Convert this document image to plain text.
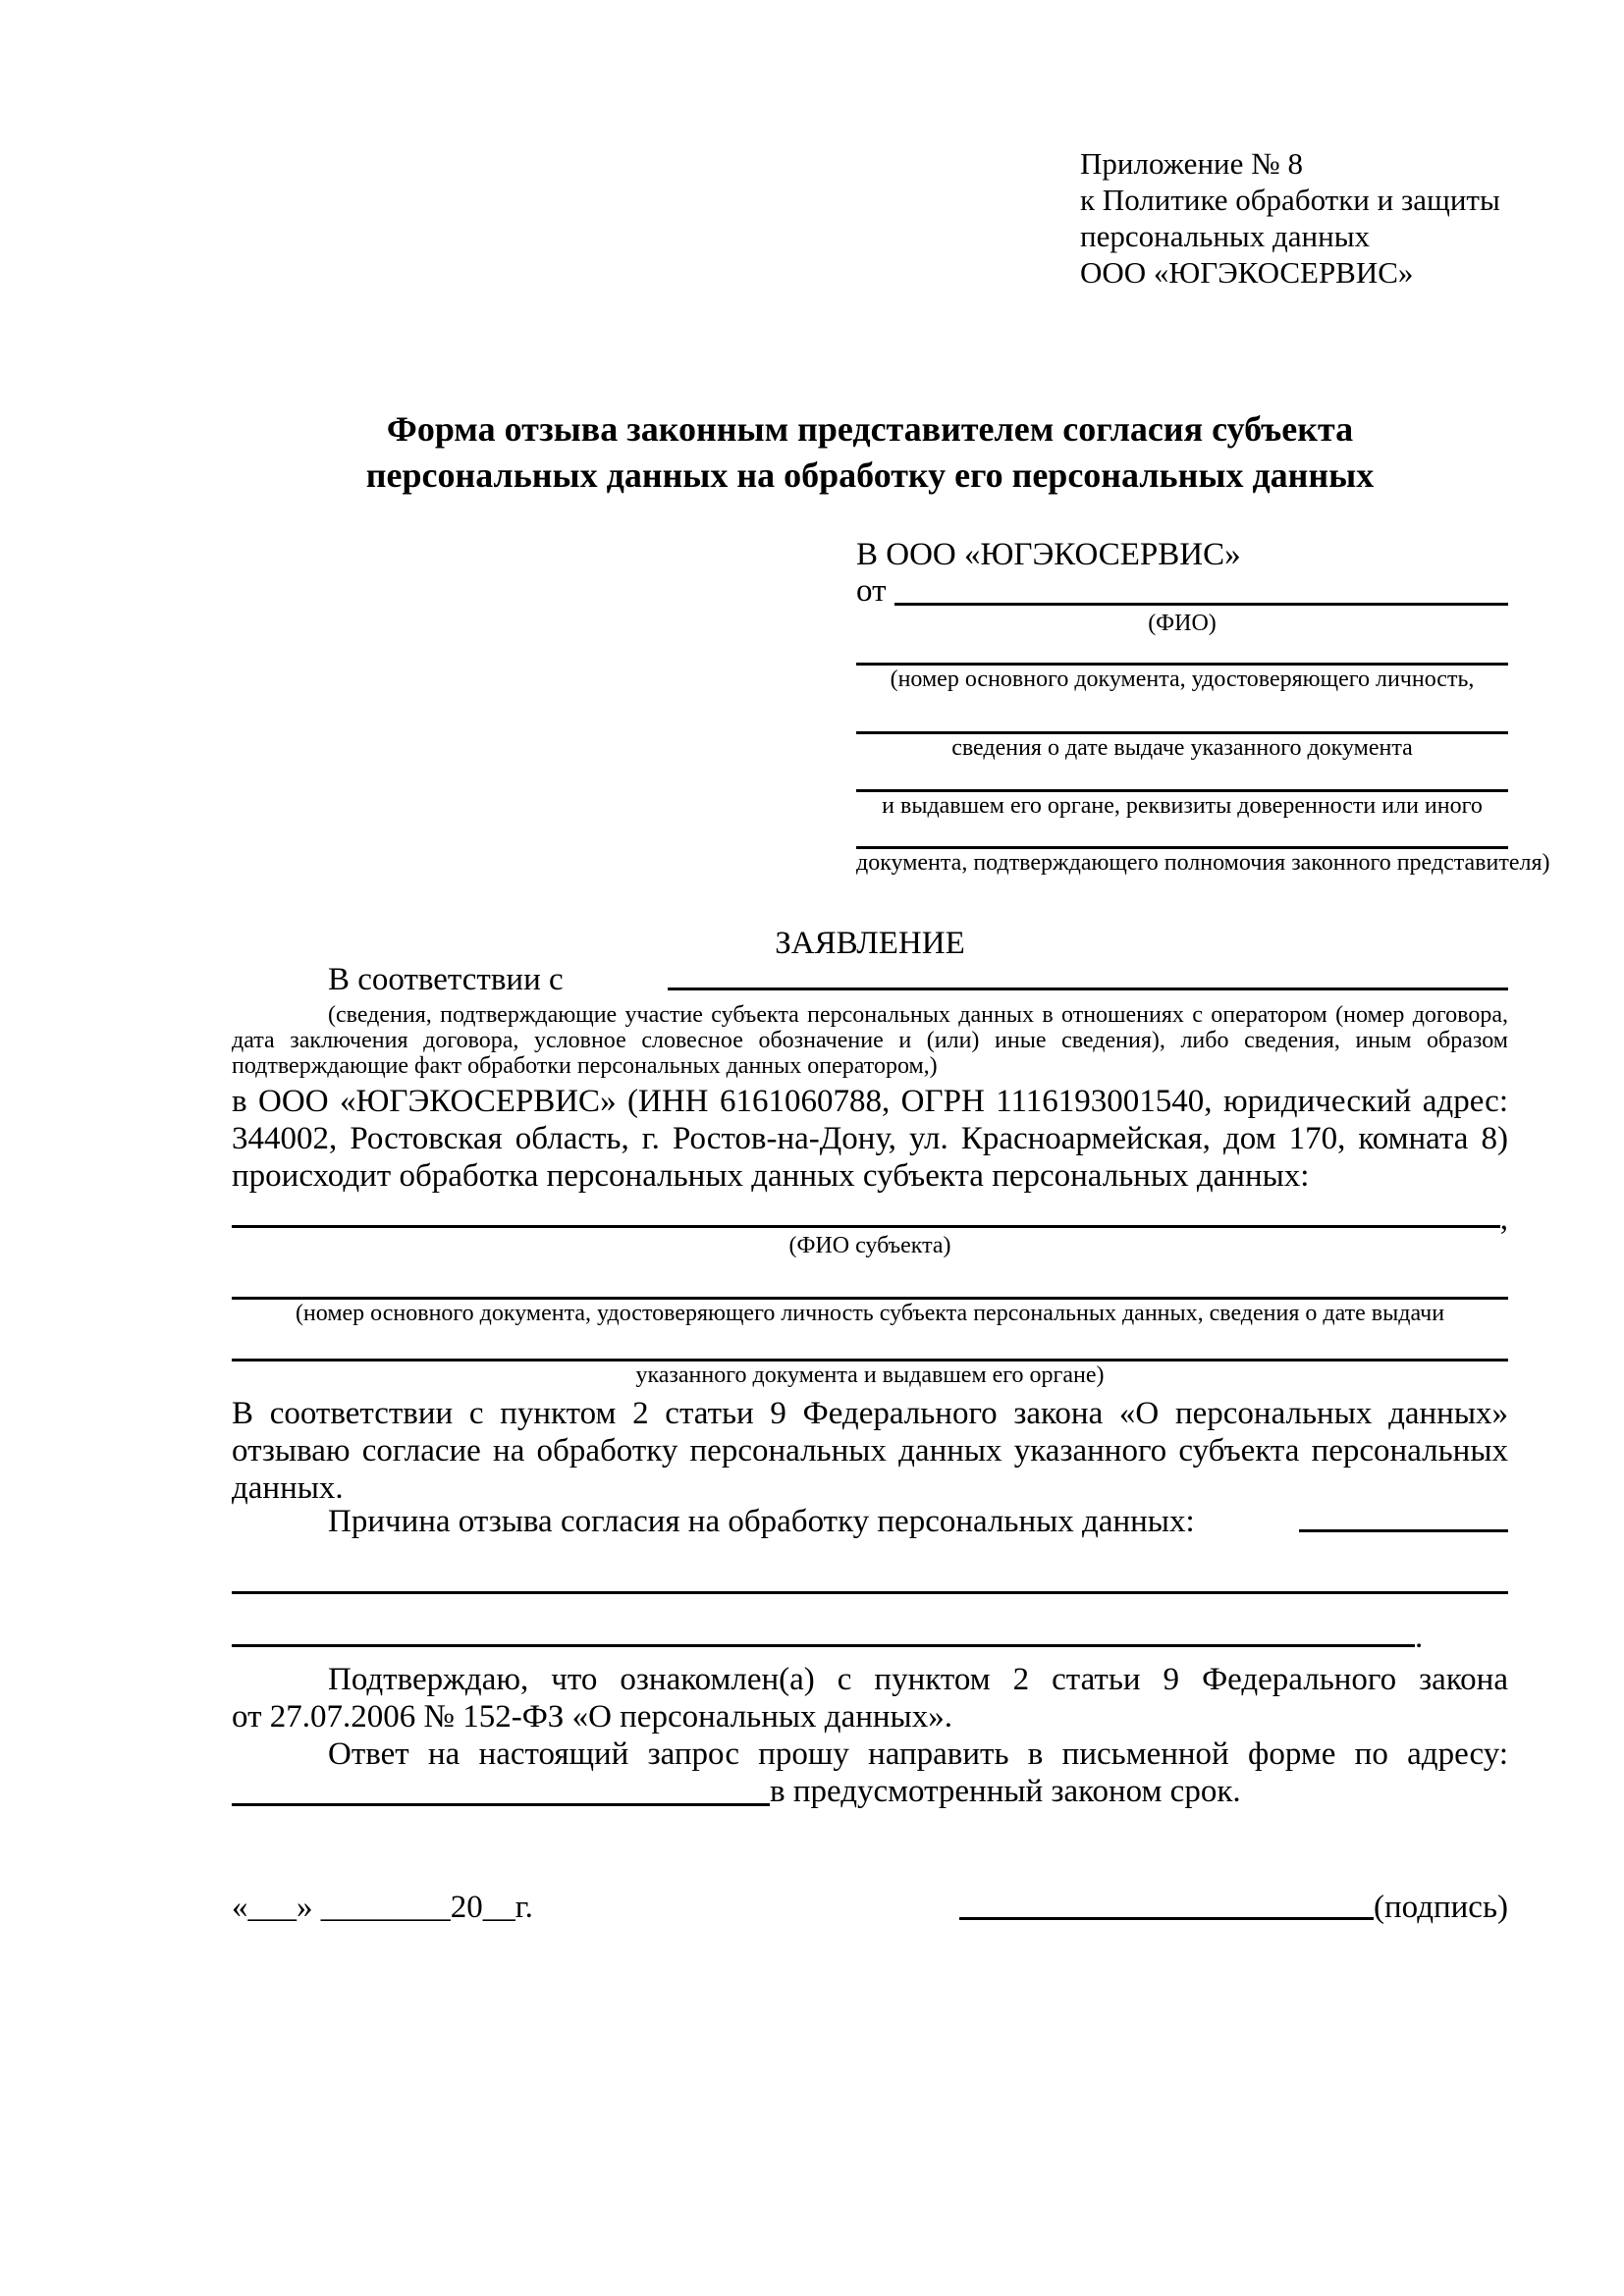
Приложение № 8
к Политике обработки и защиты
персональных данных
ООО «ЮГЭКОСЕРВИС»
Форма отзыва законным представителем согласия субъекта
персональных данных на обработку его персональных данных
В ООО «ЮГЭКОСЕРВИС»
от

(ФИО)
(номер основного документа, удостоверяющего личность,
сведения о дате выдаче указанного документа
и выдавшем его органе, реквизиты доверенности или иного
документа, подтверждающего полномочия законного представителя)
ЗАЯВЛЕНИЕ
В соответствии с

(сведения, подтверждающие участие субъекта персональных данных в отношениях с оператором (номер договора, дата заключения договора, условное словесное обозначение и (или) иные сведения), либо сведения, иным образом подтверждающие факт обработки персональных данных оператором,)
в ООО «ЮГЭКОСЕРВИС» (ИНН 6161060788, ОГРН 1116193001540, юридический адрес: 344002, Ростовская область, г. Ростов-на-Дону, ул. Красноармейская, дом 170, комната 8) происходит обработка персональных данных субъекта персональных данных:
,
(ФИО субъекта)
(номер основного документа, удостоверяющего личность субъекта персональных данных, сведения о дате выдачи
указанного документа и выдавшем его органе)
В соответствии с пунктом 2 статьи 9 Федерального закона «О персональных данных» отзываю согласие на обработку персональных данных указанного субъекта персональных данных.
Причина отзыва согласия на обработку персональных данных:

.
Подтверждаю, что ознакомлен(а) с пунктом 2 статьи 9 Федерального закона
от 27.07.2006 № 152-ФЗ «О персональных данных».
Ответ на настоящий запрос прошу направить в письменной форме по адресу:
в предусмотренный законом срок.
«___» ________20__г.	(подпись)
